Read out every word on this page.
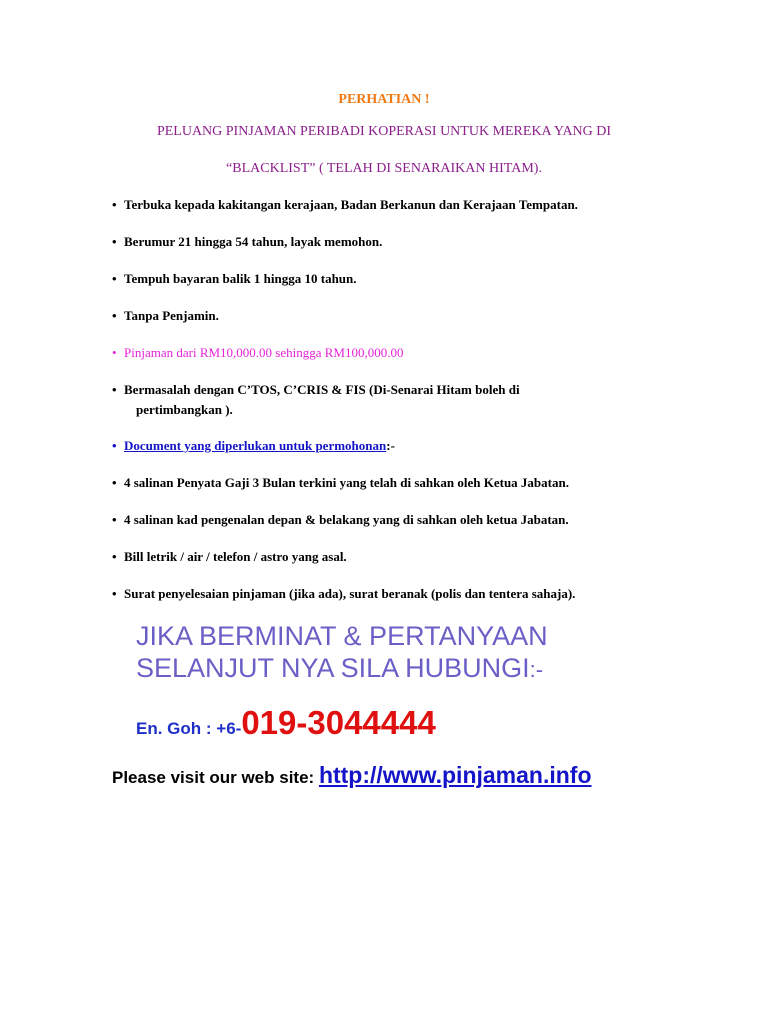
PERHATIAN !
PELUANG PINJAMAN PERIBADI KOPERASI UNTUK MEREKA YANG DI
“BLACKLIST” ( TELAH DI SENARAIKAN HITAM).
• Terbuka kepada kakitangan kerajaan, Badan Berkanun dan Kerajaan Tempatan.
• Berumur 21 hingga 54 tahun, layak memohon.
• Tempuh bayaran balik 1 hingga 10 tahun.
• Tanpa Penjamin.
• Pinjaman dari RM10,000.00 sehingga RM100,000.00
• Bermasalah dengan C’TOS, C’CRIS & FIS (Di-Senarai Hitam boleh di
pertimbangkan ).
• Document yang diperlukan untuk permohonan:-
• 4 salinan Penyata Gaji 3 Bulan terkini yang telah di sahkan oleh Ketua Jabatan.
• 4 salinan kad pengenalan depan & belakang yang di sahkan oleh ketua Jabatan.
• Bill letrik / air / telefon / astro yang asal.
• Surat penyelesaian pinjaman (jika ada), surat beranak (polis dan tentera sahaja).
JIKA BERMINAT & PERTANYAAN
SELANJUT NYA SILA HUBUNGI:-
En. Goh : +6-019-3044444
Please visit our web site: http://www.pinjaman.info
